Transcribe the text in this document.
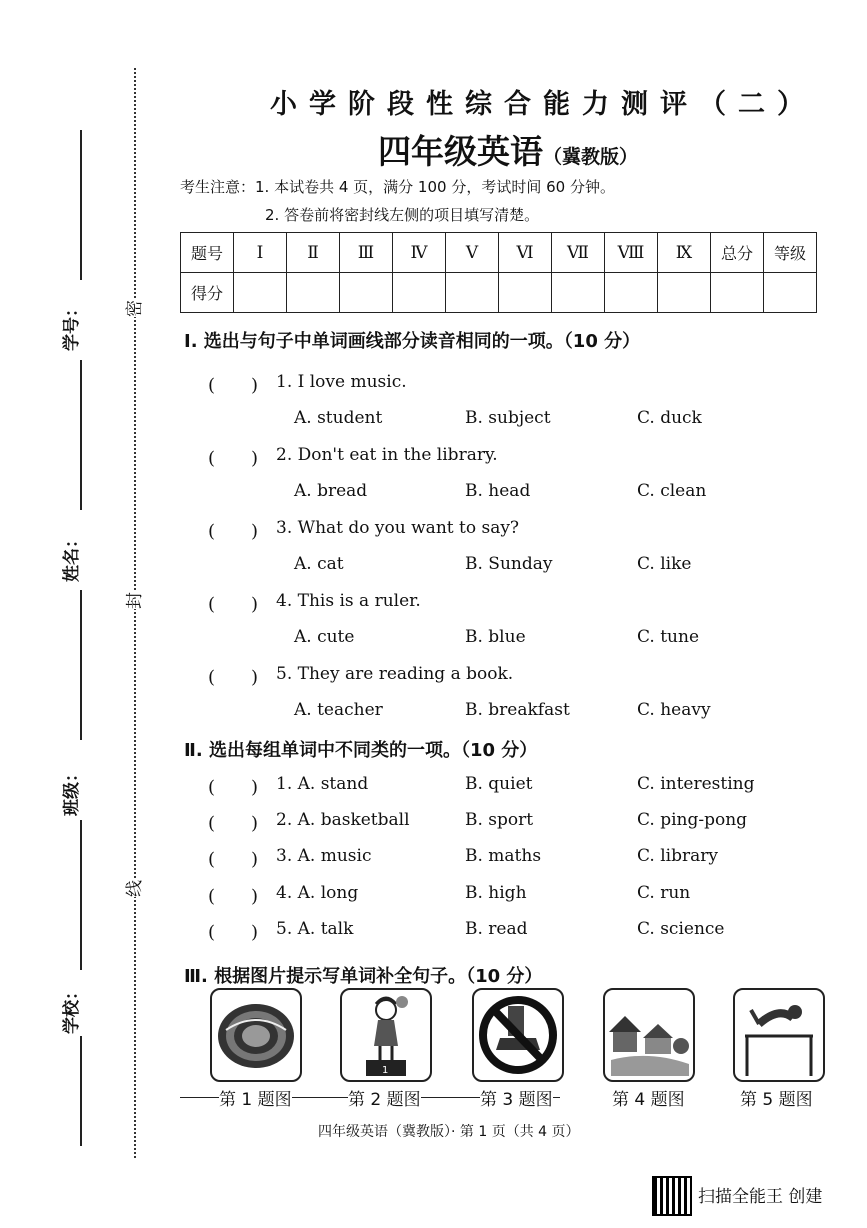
学号：
姓名：
班级：
学校：
密
封
线
小学阶段性综合能力测评（二）
四年级英语（冀教版）
考生注意：1. 本试卷共 4 页，满分 100 分，考试时间 60 分钟。
2. 答卷前将密封线左侧的项目填写清楚。
题号	Ⅰ	Ⅱ	Ⅲ	Ⅳ	Ⅴ	Ⅵ	Ⅶ	Ⅷ	Ⅸ	总分	等级
得分											
Ⅰ. 选出与句子中单词画线部分读音相同的一项。（10 分）
(　　) 1. I love music.
A. student	B. subject	C. duck
(　　) 2. Don't eat in the library.
A. bread	B. head	C. clean
(　　) 3. What do you want to say?
A. cat	B. Sunday	C. like
(　　) 4. This is a ruler.
A. cute	B. blue	C. tune
(　　) 5. They are reading a book.
A. teacher	B. breakfast	C. heavy
Ⅱ. 选出每组单词中不同类的一项。（10 分）
(　　) 1. A. stand	B. quiet	C. interesting
(　　) 2. A. basketball	B. sport	C. ping-pong
(　　) 3. A. music	B. maths	C. library
(　　) 4. A. long	B. high	C. run
(　　) 5. A. talk	B. read	C. science
Ⅲ. 根据图片提示写单词补全句子。（10 分）
1
第 1 题图	第 2 题图	第 3 题图	第 4 题图	第 5 题图
四年级英语（冀教版）· 第 1 页（共 4 页）
扫描全能王 创建
